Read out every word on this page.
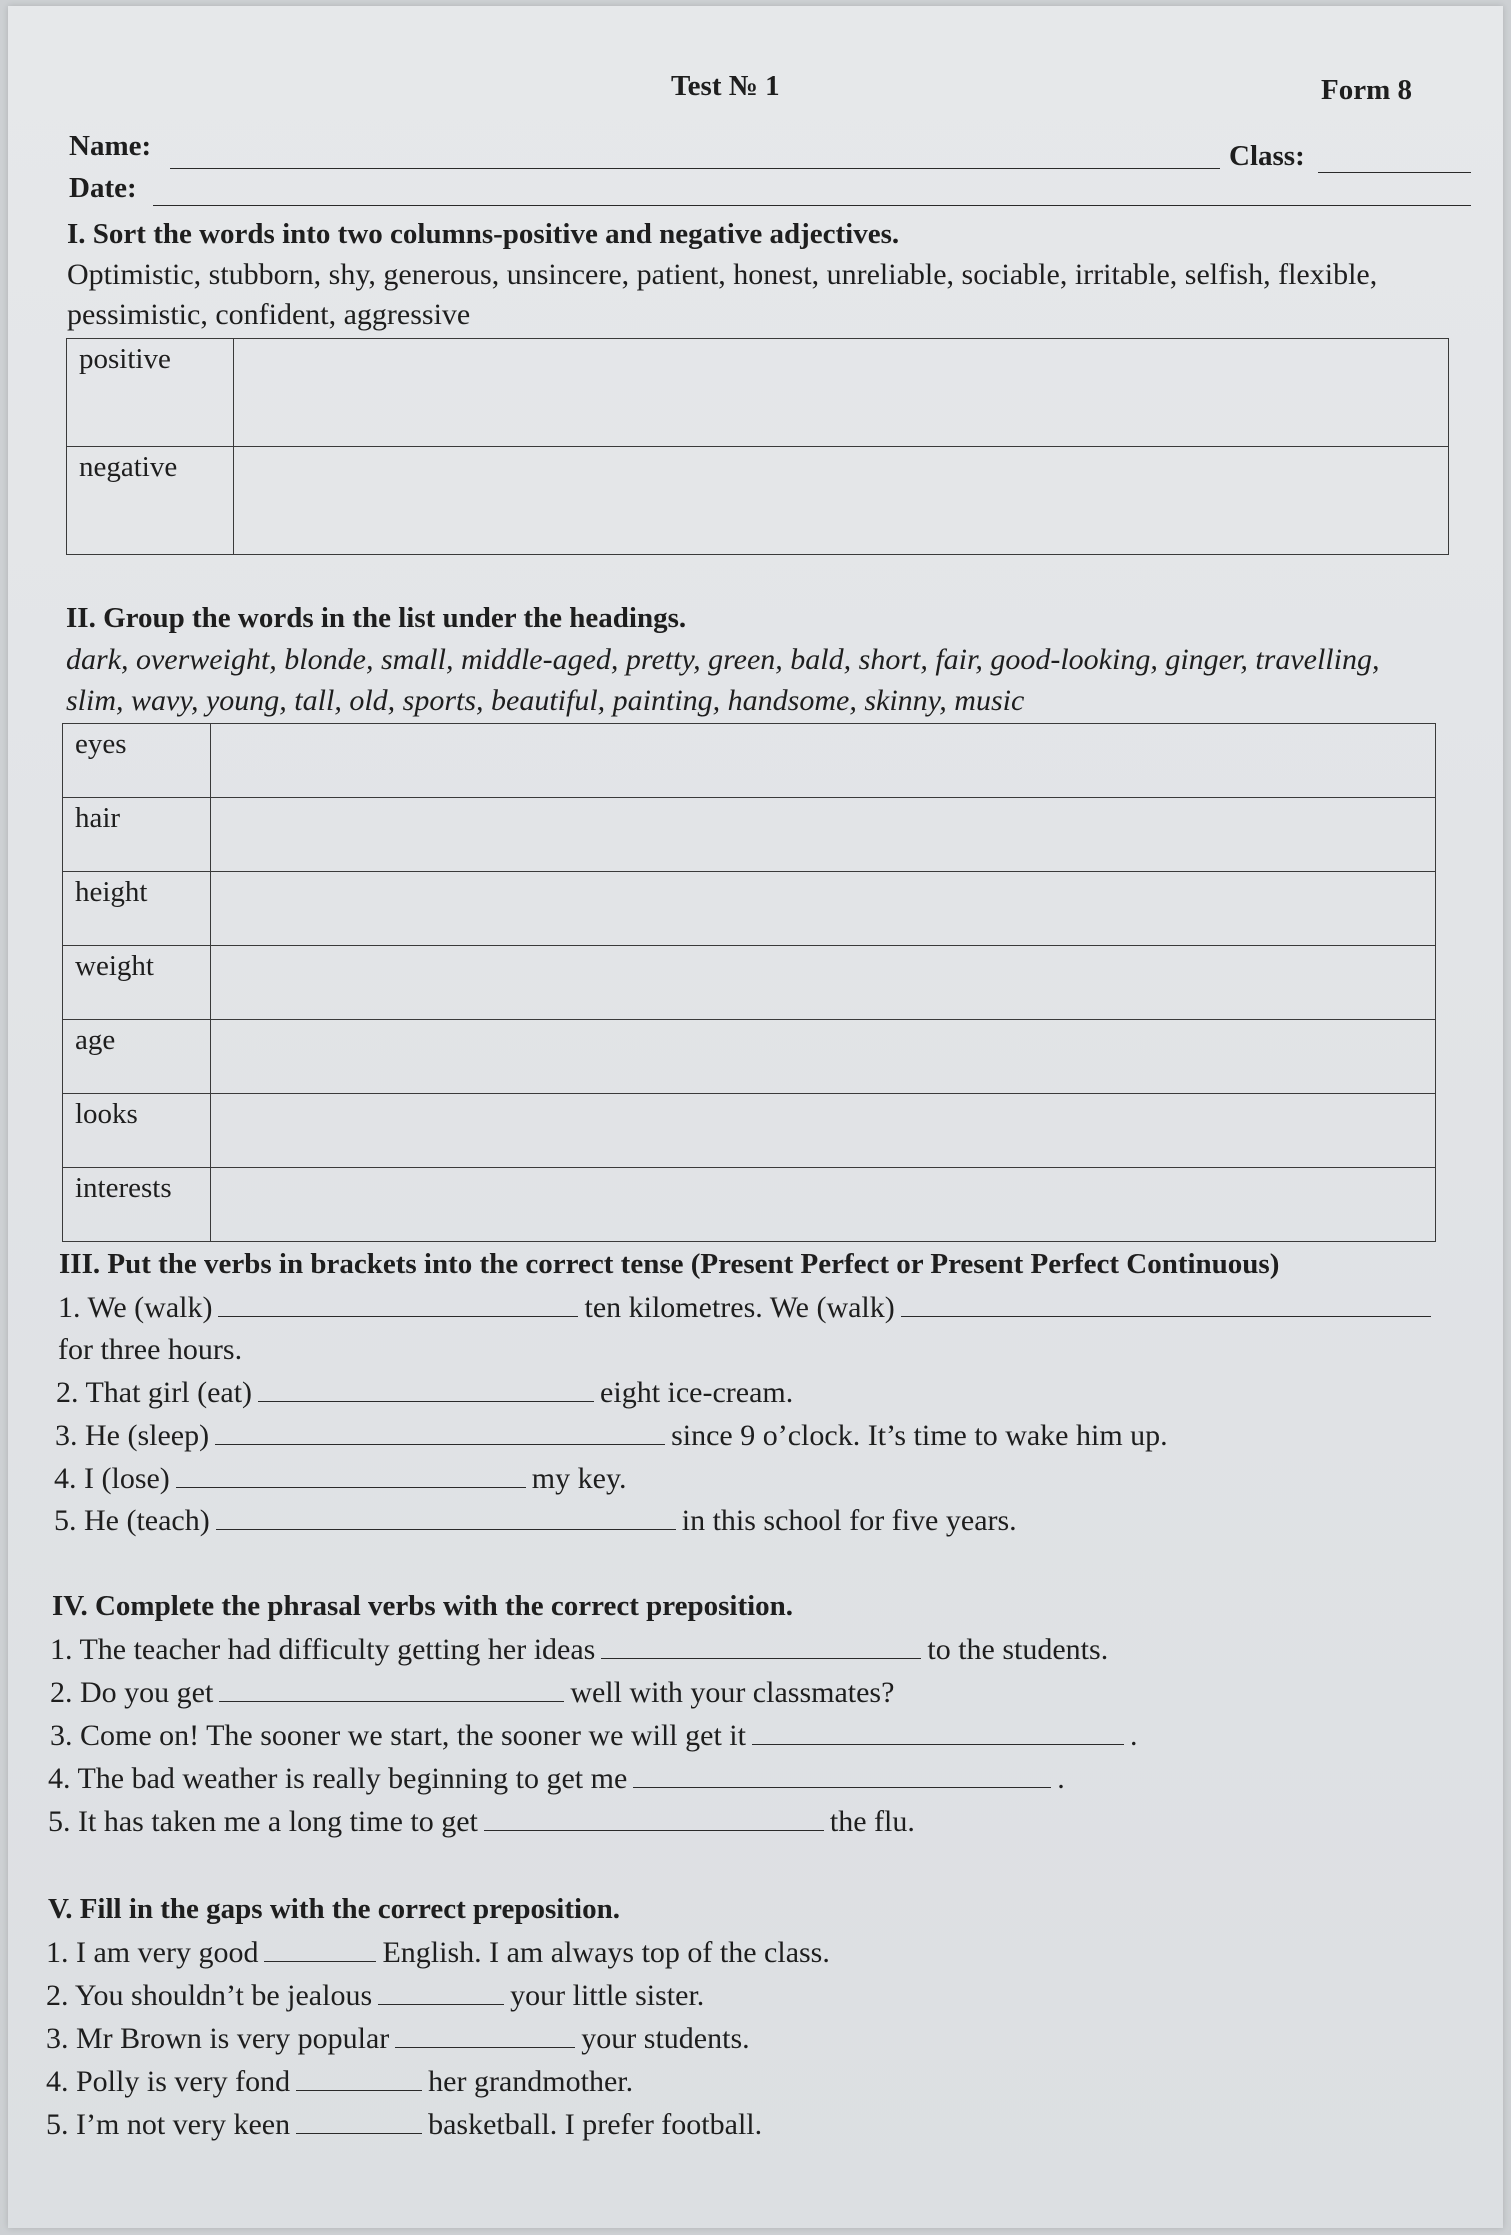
Test № 1	Form 8
Name:	Class:
Date:
I. Sort the words into two columns-positive and negative adjectives.
Optimistic, stubborn, shy, generous, unsincere, patient, honest, unreliable, sociable, irritable, selfish, flexible,
pessimistic, confident, aggressive
positive	
negative	
II. Group the words in the list under the headings.
dark, overweight, blonde, small, middle-aged, pretty, green, bald, short, fair, good-looking, ginger, travelling,
slim, wavy, young, tall, old, sports, beautiful, painting, handsome, skinny, music
eyes	
hair	
height	
weight	
age	
looks	
interests	
III. Put the verbs in brackets into the correct tense (Present Perfect or Present Perfect Continuous)
1. We (walk)	ten kilometres. We (walk)
for three hours.
2. That girl (eat)	eight ice-cream.
3. He (sleep)	since 9 o’clock. It’s time to wake him up.
4. I (lose)	my key.
5. He (teach)	in this school for five years.
IV. Complete the phrasal verbs with the correct preposition.
1. The teacher had difficulty getting her ideas	to the students.
2. Do you get	well with your classmates?
3. Come on! The sooner we start, the sooner we will get it	.
4. The bad weather is really beginning to get me	.
5. It has taken me a long time to get	the flu.
V. Fill in the gaps with the correct preposition.
1. I am very good	English. I am always top of the class.
2. You shouldn’t be jealous	your little sister.
3. Mr Brown is very popular	your students.
4. Polly is very fond	her grandmother.
5. I’m not very keen	basketball. I prefer football.
